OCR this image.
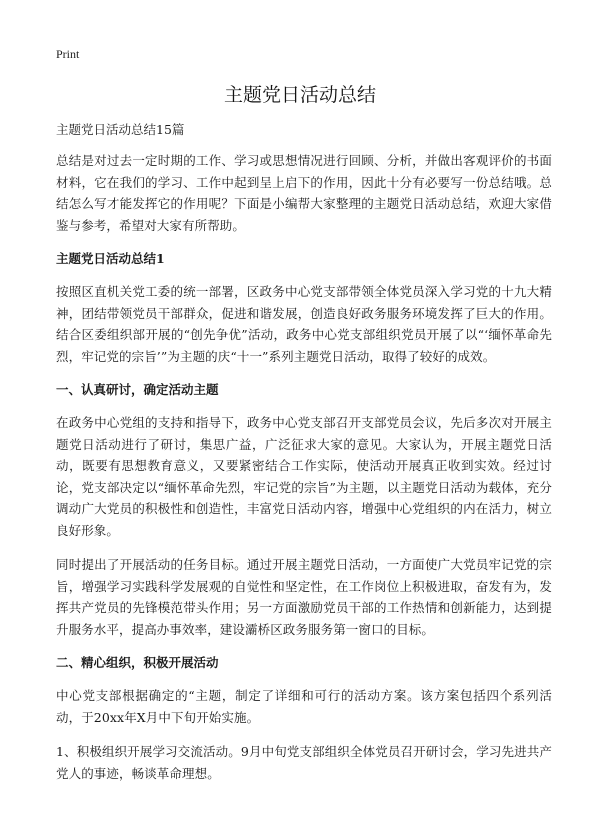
Print
主题党日活动总结
主题党日活动总结15篇

总结是对过去一定时期的工作、学习或思想情况进行回顾、分析，并做出客观评价的书面材料，它在我们的学习、工作中起到呈上启下的作用，因此十分有必要写一份总结哦。总结怎么写才能发挥它的作用呢？下面是小编帮大家整理的主题党日活动总结，欢迎大家借鉴与参考，希望对大家有所帮助。

主题党日活动总结1

按照区直机关党工委的统一部署，区政务中心党支部带领全体党员深入学习党的十九大精神，团结带领党员干部群众，促进和谐发展，创造良好政务服务环境发挥了巨大的作用。结合区委组织部开展的“创先争优”活动，政务中心党支部组织党员开展了以“‘缅怀革命先烈，牢记党的宗旨’”为主题的庆“十一”系列主题党日活动，取得了较好的成效。

一、认真研讨，确定活动主题

在政务中心党组的支持和指导下，政务中心党支部召开支部党员会议，先后多次对开展主题党日活动进行了研讨，集思广益，广泛征求大家的意见。大家认为，开展主题党日活动，既要有思想教育意义，又要紧密结合工作实际，使活动开展真正收到实效。经过讨论，党支部决定以“缅怀革命先烈，牢记党的宗旨”为主题，以主题党日活动为载体，充分调动广大党员的积极性和创造性，丰富党日活动内容，增强中心党组织的内在活力，树立良好形象。

同时提出了开展活动的任务目标。通过开展主题党日活动，一方面使广大党员牢记党的宗旨，增强学习实践科学发展观的自觉性和坚定性，在工作岗位上积极进取，奋发有为，发挥共产党员的先锋模范带头作用；另一方面激励党员干部的工作热情和创新能力，达到提升服务水平，提高办事效率，建设灞桥区政务服务第一窗口的目标。

二、精心组织，积极开展活动

中心党支部根据确定的“主题，制定了详细和可行的活动方案。该方案包括四个系列活动，于20xx年X月中下旬开始实施。

1、积极组织开展学习交流活动。9月中旬党支部组织全体党员召开研讨会，学习先进共产党人的事迹，畅谈革命理想。
